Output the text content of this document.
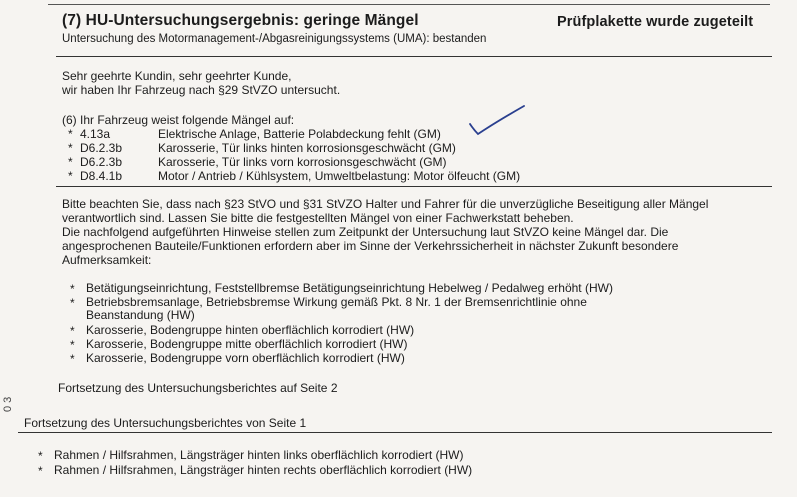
(7) HU-Untersuchungsergebnis: geringe Mängel	Prüfplakette wurde zugeteilt
Untersuchung des Motormanagement-/Abgasreinigungssystems (UMA): bestanden
Sehr geehrte Kundin, sehr geehrter Kunde,
wir haben Ihr Fahrzeug nach §29 StVZO untersucht.
(6) Ihr Fahrzeug weist folgende Mängel auf:
* 4.13a	Elektrische Anlage, Batterie Polabdeckung fehlt (GM)
* D6.2.3b	Karosserie, Tür links hinten korrosionsgeschwächt (GM)
* D6.2.3b	Karosserie, Tür links vorn korrosionsgeschwächt (GM)
* D8.4.1b	Motor / Antrieb / Kühlsystem, Umweltbelastung: Motor ölfeucht (GM)
Bitte beachten Sie, dass nach §23 StVO und §31 StVZO Halter und Fahrer für die unverzügliche Beseitigung aller Mängel
verantwortlich sind. Lassen Sie bitte die festgestellten Mängel von einer Fachwerkstatt beheben.
Die nachfolgend aufgeführten Hinweise stellen zum Zeitpunkt der Untersuchung laut StVZO keine Mängel dar. Die
angesprochenen Bauteile/Funktionen erfordern aber im Sinne der Verkehrssicherheit in nächster Zukunft besondere
Aufmerksamkeit:
* Betätigungseinrichtung, Feststellbremse Betätigungseinrichtung Hebelweg / Pedalweg erhöht (HW)
* Betriebsbremsanlage, Betriebsbremse Wirkung gemäß Pkt. 8 Nr. 1 der Bremsenrichtlinie ohne
Beanstandung (HW)
* Karosserie, Bodengruppe hinten oberflächlich korrodiert (HW)
* Karosserie, Bodengruppe mitte oberflächlich korrodiert (HW)
* Karosserie, Bodengruppe vorn oberflächlich korrodiert (HW)
Fortsetzung des Untersuchungsberichtes auf Seite 2
0 3
Fortsetzung des Untersuchungsberichtes von Seite 1
* Rahmen / Hilfsrahmen, Längsträger hinten links oberflächlich korrodiert (HW)
* Rahmen / Hilfsrahmen, Längsträger hinten rechts oberflächlich korrodiert (HW)
